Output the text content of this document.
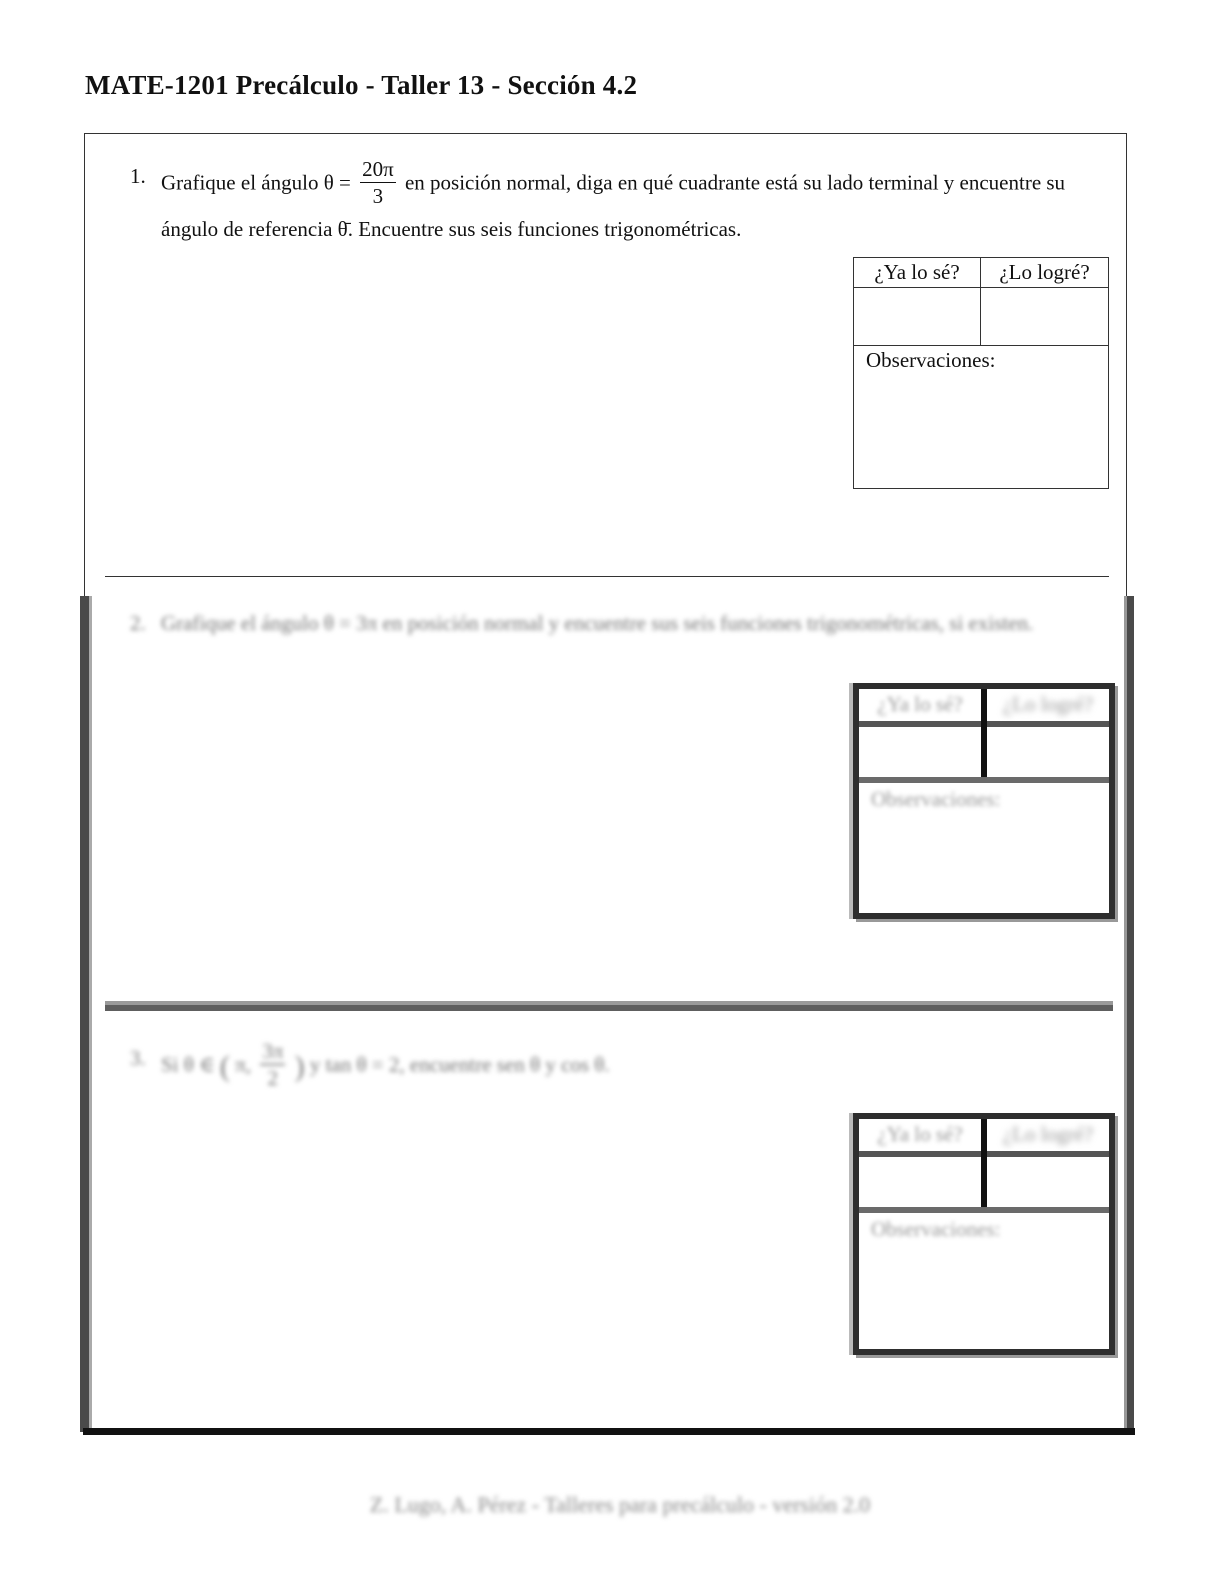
MATE-1201 Precálculo - Taller 13 - Sección 4.2
1. Grafique el ángulo $\theta = \frac{20\pi}{3}$ en posición normal, diga en qué cuadrante está su lado terminal y encuentre su ángulo de referencia θ̄. Encuentre sus seis funciones trigonométricas.
¿Ya lo sé?	¿Lo logré?
Observaciones:
2. Grafique el ángulo θ = 3π en posición normal y encuentre sus seis funciones trigonométricas, si existen.
¿Ya lo sé?	¿Lo logré?
Observaciones:
3. Si θ ∈ ( π, $\frac{3\pi}{2}$ ) y tan θ = 2, encuentre sen θ y cos θ.
¿Ya lo sé?	¿Lo logré?
Observaciones:
Z. Lugo, A. Pérez - Talleres para precálculo - versión 2.0
